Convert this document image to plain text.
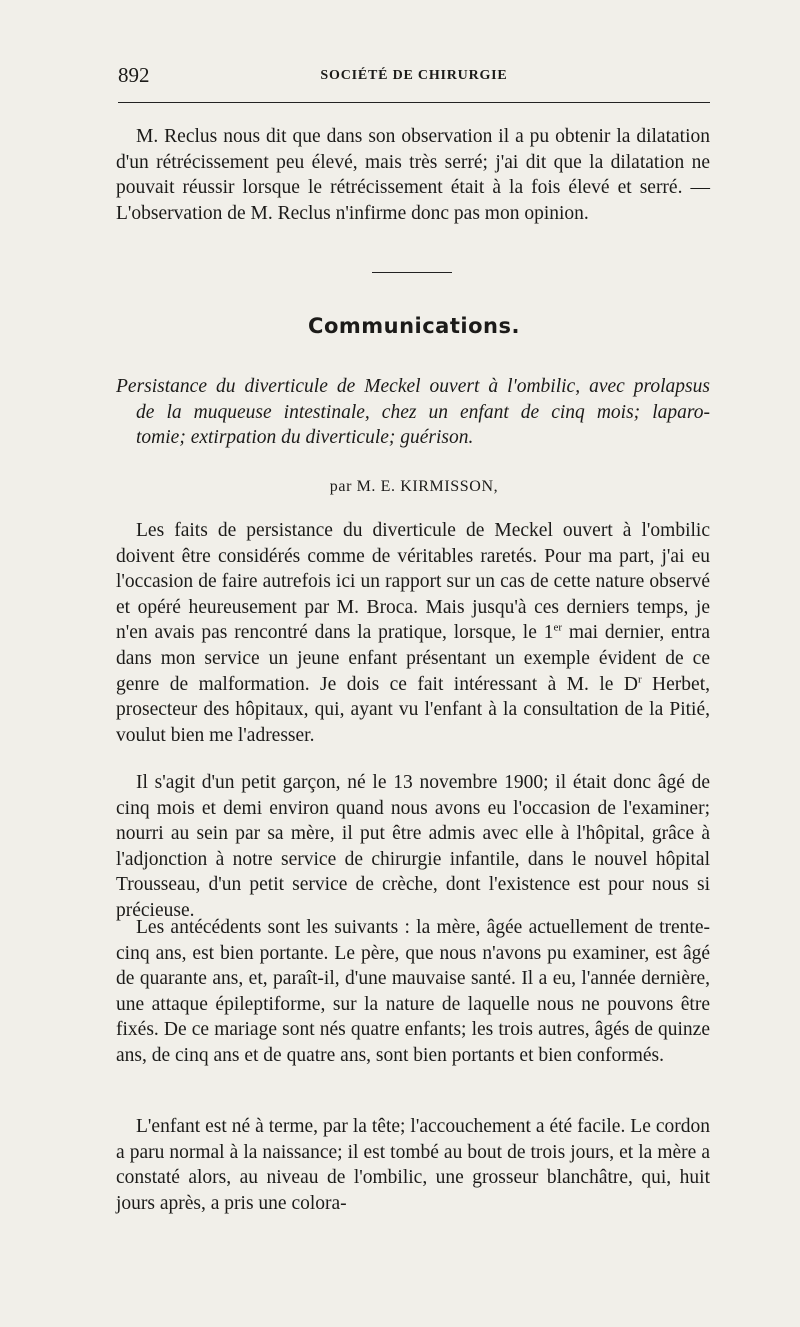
892	SOCIÉTÉ DE CHIRURGIE

M. Reclus nous dit que dans son observation il a pu obtenir la dilatation d'un rétrécissement peu élevé, mais très serré; j'ai dit que la dilatation ne pouvait réussir lorsque le rétrécissement était à la fois élevé et serré. — L'observation de M. Reclus n'infirme donc pas mon opinion.

Communications.
Persistance du diverticule de Meckel ouvert à l'ombilic, avec prolapsus
de la muqueuse intestinale, chez un enfant de cinq mois; laparo-
tomie; extirpation du diverticule; guérison.
par M. E. KIRMISSON,

Les faits de persistance du diverticule de Meckel ouvert à l'ombilic doivent être considérés comme de véritables raretés. Pour ma part, j'ai eu l'occasion de faire autrefois ici un rapport sur un cas de cette nature observé et opéré heureusement par M. Broca. Mais jusqu'à ces derniers temps, je n'en avais pas rencontré dans la pratique, lorsque, le 1er mai dernier, entra dans mon service un jeune enfant présentant un exemple évident de ce genre de malformation. Je dois ce fait intéressant à M. le $D^r$ Herbet, prosecteur des hôpitaux, qui, ayant vu l'enfant à la consultation de la Pitié, voulut bien me l'adresser.

Il s'agit d'un petit garçon, né le 13 novembre 1900; il était donc âgé de cinq mois et demi environ quand nous avons eu l'occasion de l'examiner; nourri au sein par sa mère, il put être admis avec elle à l'hôpital, grâce à l'adjonction à notre service de chirurgie infantile, dans le nouvel hôpital Trousseau, d'un petit service de crèche, dont l'existence est pour nous si précieuse.

Les antécédents sont les suivants : la mère, âgée actuellement de trente-cinq ans, est bien portante. Le père, que nous n'avons pu examiner, est âgé de quarante ans, et, paraît-il, d'une mauvaise santé. Il a eu, l'année dernière, une attaque épileptiforme, sur la nature de laquelle nous ne pouvons être fixés. De ce mariage sont nés quatre enfants; les trois autres, âgés de quinze ans, de cinq ans et de quatre ans, sont bien portants et bien conformés.

L'enfant est né à terme, par la tête; l'accouchement a été facile. Le cordon a paru normal à la naissance; il est tombé au bout de trois jours, et la mère a constaté alors, au niveau de l'ombilic, une grosseur blanchâtre, qui, huit jours après, a pris une colora-
